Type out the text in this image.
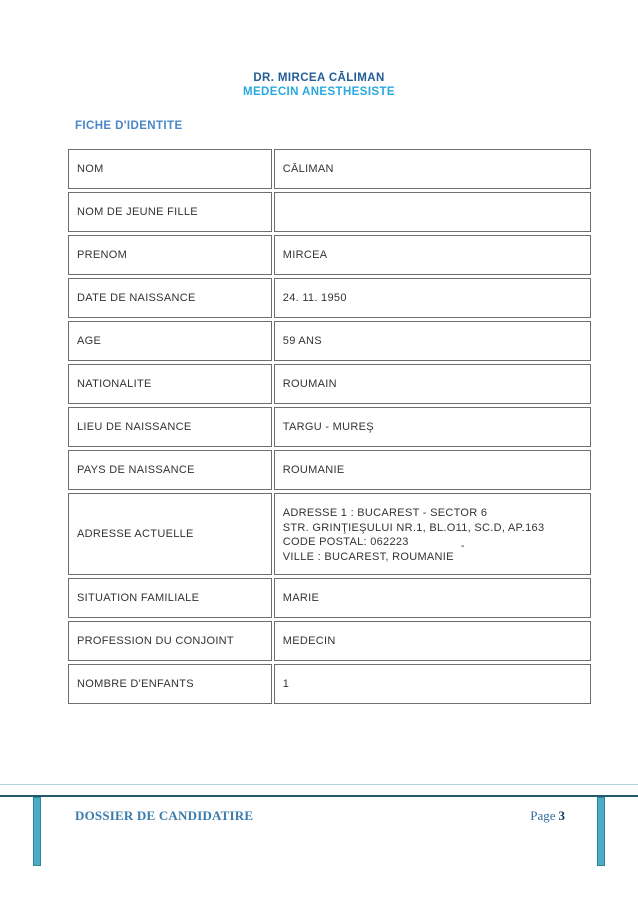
DR. MIRCEA CĀLIMAN
MEDECIN ANESTHESISTE
FICHE D'IDENTITE
NOM	CĀLIMAN
NOM DE JEUNE FILLE	
PRENOM	MIRCEA
DATE DE NAISSANCE	24. 11. 1950
AGE	59 ANS
NATIONALITE	ROUMAIN
LIEU DE NAISSANCE	TARGU - MUREŞ
PAYS DE NAISSANCE	ROUMANIE
ADRESSE ACTUELLE	ADRESSE 1 : BUCAREST - SECTOR 6
STR. GRINŢIEŞULUI NR.1, BL.O11, SC.D, AP.163
CODE POSTAL: 062223 -
VILLE : BUCAREST, ROUMANIE

SITUATION FAMILIALE	MARIE
PROFESSION DU CONJOINT	MEDECIN
NOMBRE D'ENFANTS	1
DOSSIER DE CANDIDATIRE	Page 3
